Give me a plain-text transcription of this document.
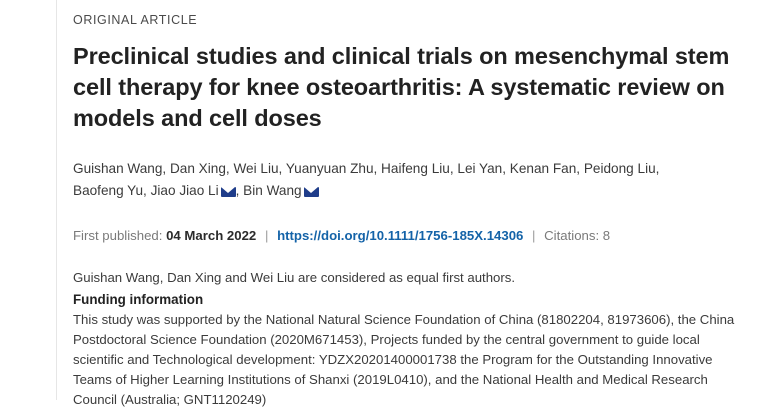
ORIGINAL ARTICLE
Preclinical studies and clinical trials on mesenchymal stem cell therapy for knee osteoarthritis: A systematic review on models and cell doses
Guishan Wang, Dan Xing, Wei Liu, Yuanyuan Zhu, Haifeng Liu, Lei Yan, Kenan Fan, Peidong Liu,
Baofeng Yu, Jiao Jiao Li , Bin Wang
First published: 04 March 2022 | https://doi.org/10.1111/1756-185X.14306 | Citations: 8
Guishan Wang, Dan Xing and Wei Liu are considered as equal first authors.
Funding information
This study was supported by the National Natural Science Foundation of China (81802204, 81973606), the China Postdoctoral Science Foundation (2020M671453), Projects funded by the central government to guide local scientific and Technological development: YDZX20201400001738 the Program for the Outstanding Innovative Teams of Higher Learning Institutions of Shanxi (2019L0410), and the National Health and Medical Research Council (Australia; GNT1120249)
